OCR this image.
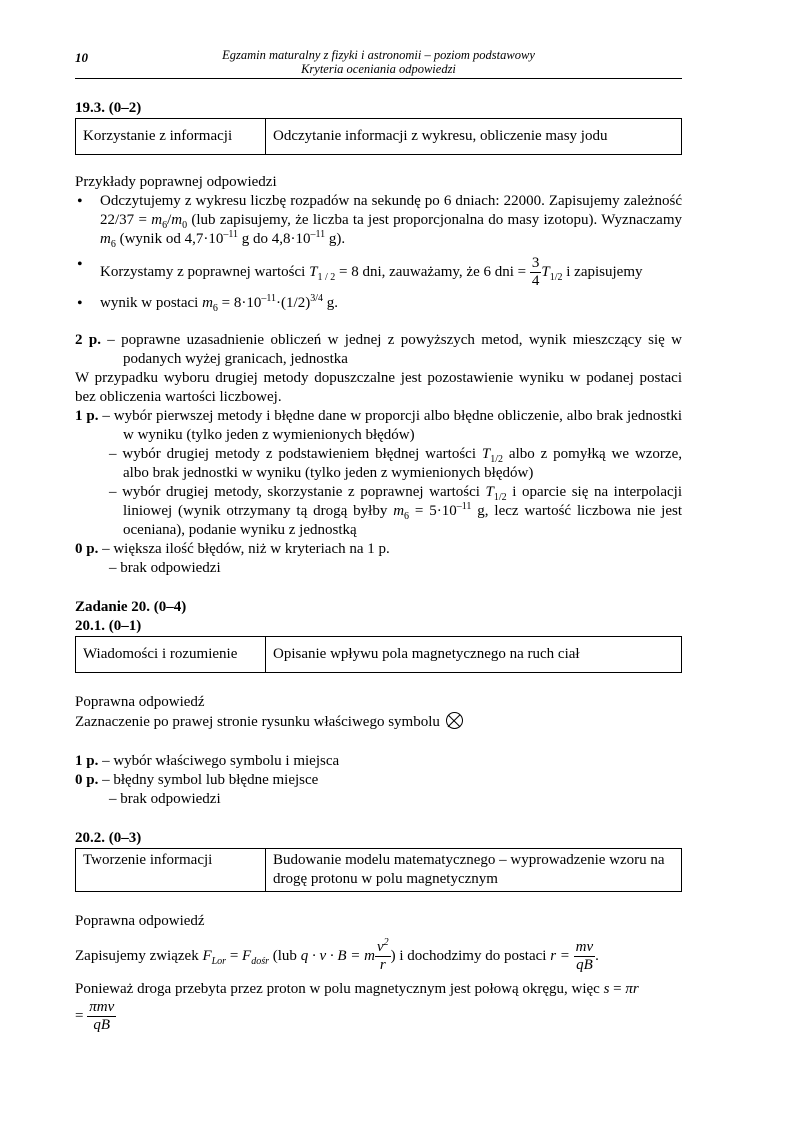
10	Egzamin maturalny z fizyki i astronomii – poziom podstawowy
Kryteria oceniania odpowiedzi
19.3. (0–2)
Korzystanie z informacji	Odczytanie informacji z wykresu, obliczenie masy jodu
Przykłady poprawnej odpowiedzi
• Odczytujemy z wykresu liczbę rozpadów na sekundę po 6 dniach: 22000. Zapisujemy zależność $22/37 = m_6/m_0$ (lub zapisujemy, że liczba ta jest proporcjonalna do masy izotopu). Wyznaczamy $m_6$ (wynik od $4,7\cdot 10^{-11}$ g do $4,8\cdot 10^{-11}$ g).
• Korzystamy z poprawnej wartości $T_{1 / 2} = 8$ dni, zauważamy, że 6 dni = $\frac{3}{4} T_{1/2}$ i zapisujemy
• wynik w postaci $m_6 = 8\cdot 10^{-11}\cdot(1/2)^{3/4}$ g.
2 p. – poprawne uzasadnienie obliczeń w jednej z powyższych metod, wynik mieszczący się w podanych wyżej granicach, jednostka
W przypadku wyboru drugiej metody dopuszczalne jest pozostawienie wyniku w podanej postaci bez obliczenia wartości liczbowej.
1 p. – wybór pierwszej metody i błędne dane w proporcji albo błędne obliczenie, albo brak jednostki w wyniku (tylko jeden z wymienionych błędów)
– wybór drugiej metody z podstawieniem błędnej wartości $T_{1/2}$ albo z pomyłką we wzorze, albo brak jednostki w wyniku (tylko jeden z wymienionych błędów)
– wybór drugiej metody, skorzystanie z poprawnej wartości $T_{1/2}$ i oparcie się na interpolacji liniowej (wynik otrzymany tą drogą byłby $m_6 = 5\cdot 10^{-11}$ g, lecz wartość liczbowa nie jest oceniana), podanie wyniku z jednostką
0 p. – większa ilość błędów, niż w kryteriach na 1 p.
– brak odpowiedzi
Zadanie 20. (0–4)
20.1. (0–1)
Wiadomości i rozumienie	Opisanie wpływu pola magnetycznego na ruch ciał
Poprawna odpowiedź
Zaznaczenie po prawej stronie rysunku właściwego symbolu
1 p. – wybór właściwego symbolu i miejsca
0 p. – błędny symbol lub błędne miejsce
– brak odpowiedzi
20.2. (0–3)
Tworzenie informacji	Budowanie modelu matematycznego – wyprowadzenie wzoru na drogę protonu w polu magnetycznym
Poprawna odpowiedź
Zapisujemy związek $F_{Lor} = F_{dośr}$ (lub q · v · B = m $\frac{v^2}{r}$ ) i dochodzimy do postaci $r = \frac{mv}{qB}$ .
Ponieważ droga przebyta przez proton w polu magnetycznym jest połową okręgu, więc s = πr
= $\frac{\text{πmv}}{qB}$
